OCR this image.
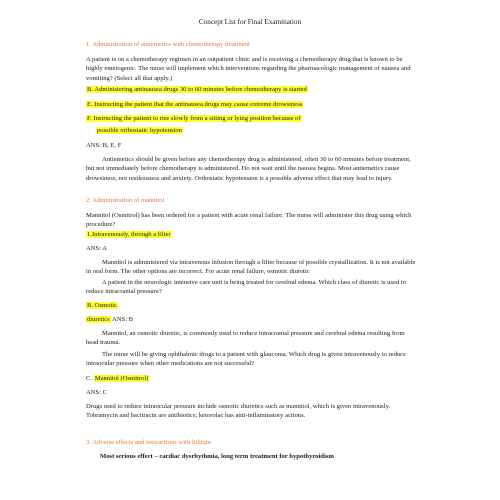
Concept List for Final Examination

1. Administration of antiemetics with chemotherapy treatment

A patient is on a chemotherapy regimen in an outpatient clinic and is receiving a chemotherapy drug that is known to be highly emetogenic. The nurse will implement which interventions regarding the pharmacologic management of nausea and vomiting? (Select all that apply.)

B. Administering antinausea drugs 30 to 60 minutes before chemotherapy is started

E. Instructing the patient that the antinausea drugs may cause extreme drowsiness

F. Instructing the patient to rise slowly from a sitting or lying position because of

possible orthostatic hypotension

ANS: B, E, F

Antiemetics should be given before any chemotherapy drug is administered, often 30 to 60 minutes before treatment, but not immediately before chemotherapy is administered. Do not wait until the nausea begins. Most antiemetics cause drowsiness, not restlessness and anxiety. Orthostatic hypotension is a possible adverse effect that may lead to injury.

2. Administration of mannitol

Mannitol (Osmitrol) has been ordered for a patient with acute renal failure. The nurse will administer this drug using which procedure?

1.Intravenously, through a filter

ANS: A

Mannitol is administered via intravenous infusion through a filter because of possible crystallization. It is not available in oral form. The other options are incorrect. For acute renal failure, osmotic diuretic

A patient in the neurologic intensive care unit is being treated for cerebral edema. Which class of diuretic is used to reduce intracranial pressure?

B. Osmotic

diuretics ANS: B

Mannitol, an osmotic diuretic, is commonly used to reduce intracranial pressure and cerebral edema resulting from head trauma.

The nurse will be giving ophthalmic drugs to a patient with glaucoma. Which drug is given intravenously to reduce intraocular pressure when other medications are not successful?

C. Mannitol (Osmitrol)

ANS: C

Drugs used to reduce intraocular pressure include osmotic diuretics such as mannitol, which is given intravenously. Tobramycin and bacitracin are antibiotics; ketorolac has anti-inflammatory actions.

3. Adverse effects and interactions with lithium

Most serious effect – cardiac dysrhythmia, long term treatment for hypothyroidism
